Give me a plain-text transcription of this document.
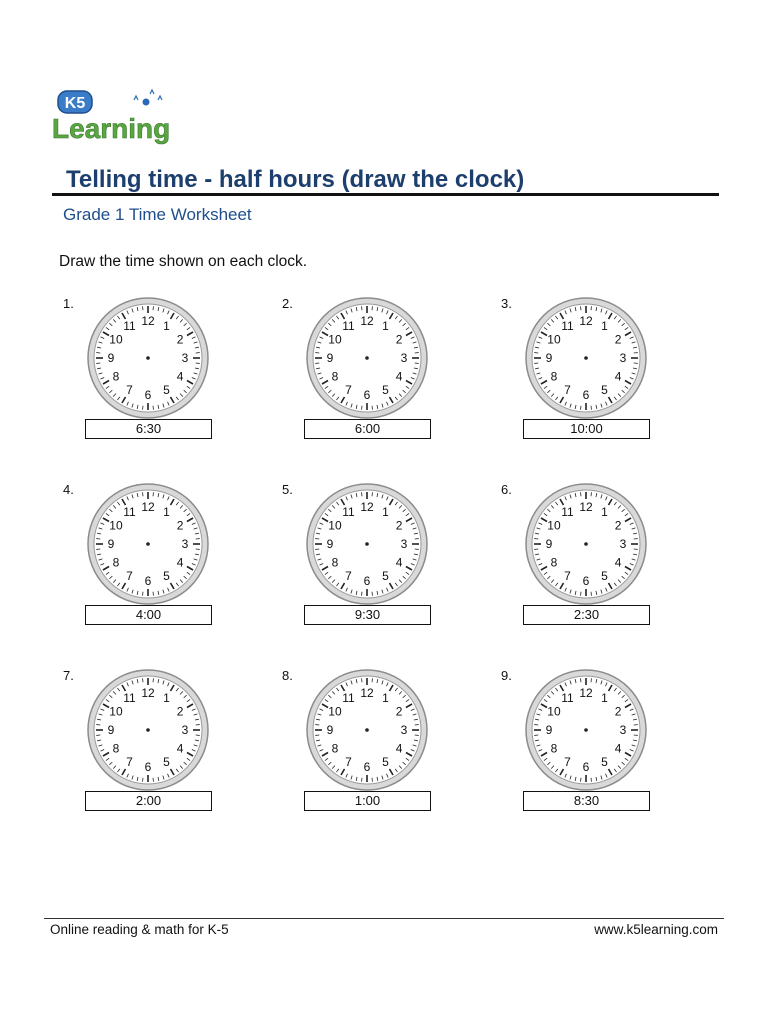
K5
Learning
Telling time - half hours (draw the clock)
Grade 1 Time Worksheet
Draw the time shown on each clock.
1.
12 1
2
3
4
5
6
7
8
9
10
11
6:30
2.
12 1
2
3
4
5
6
7
8
9
10
11
6:00
3.
12 1
2
3
4
5
6
7
8
9
10
11
10:00
4.
12 1
2
3
4
5
6
7
8
9
10
11
4:00
5.
12 1
2
3
4
5
6
7
8
9
10
11
9:30
6.
12 1
2
3
4
5
6
7
8
9
10
11
2:30
7.
12 1
2
3
4
5
6
7
8
9
10
11
2:00
8.
12 1
2
3
4
5
6
7
8
9
10
11
1:00
9.
12 1
2
3
4
5
6
7
8
9
10
11
8:30
Online reading & math for K-5	www.k5learning.com
